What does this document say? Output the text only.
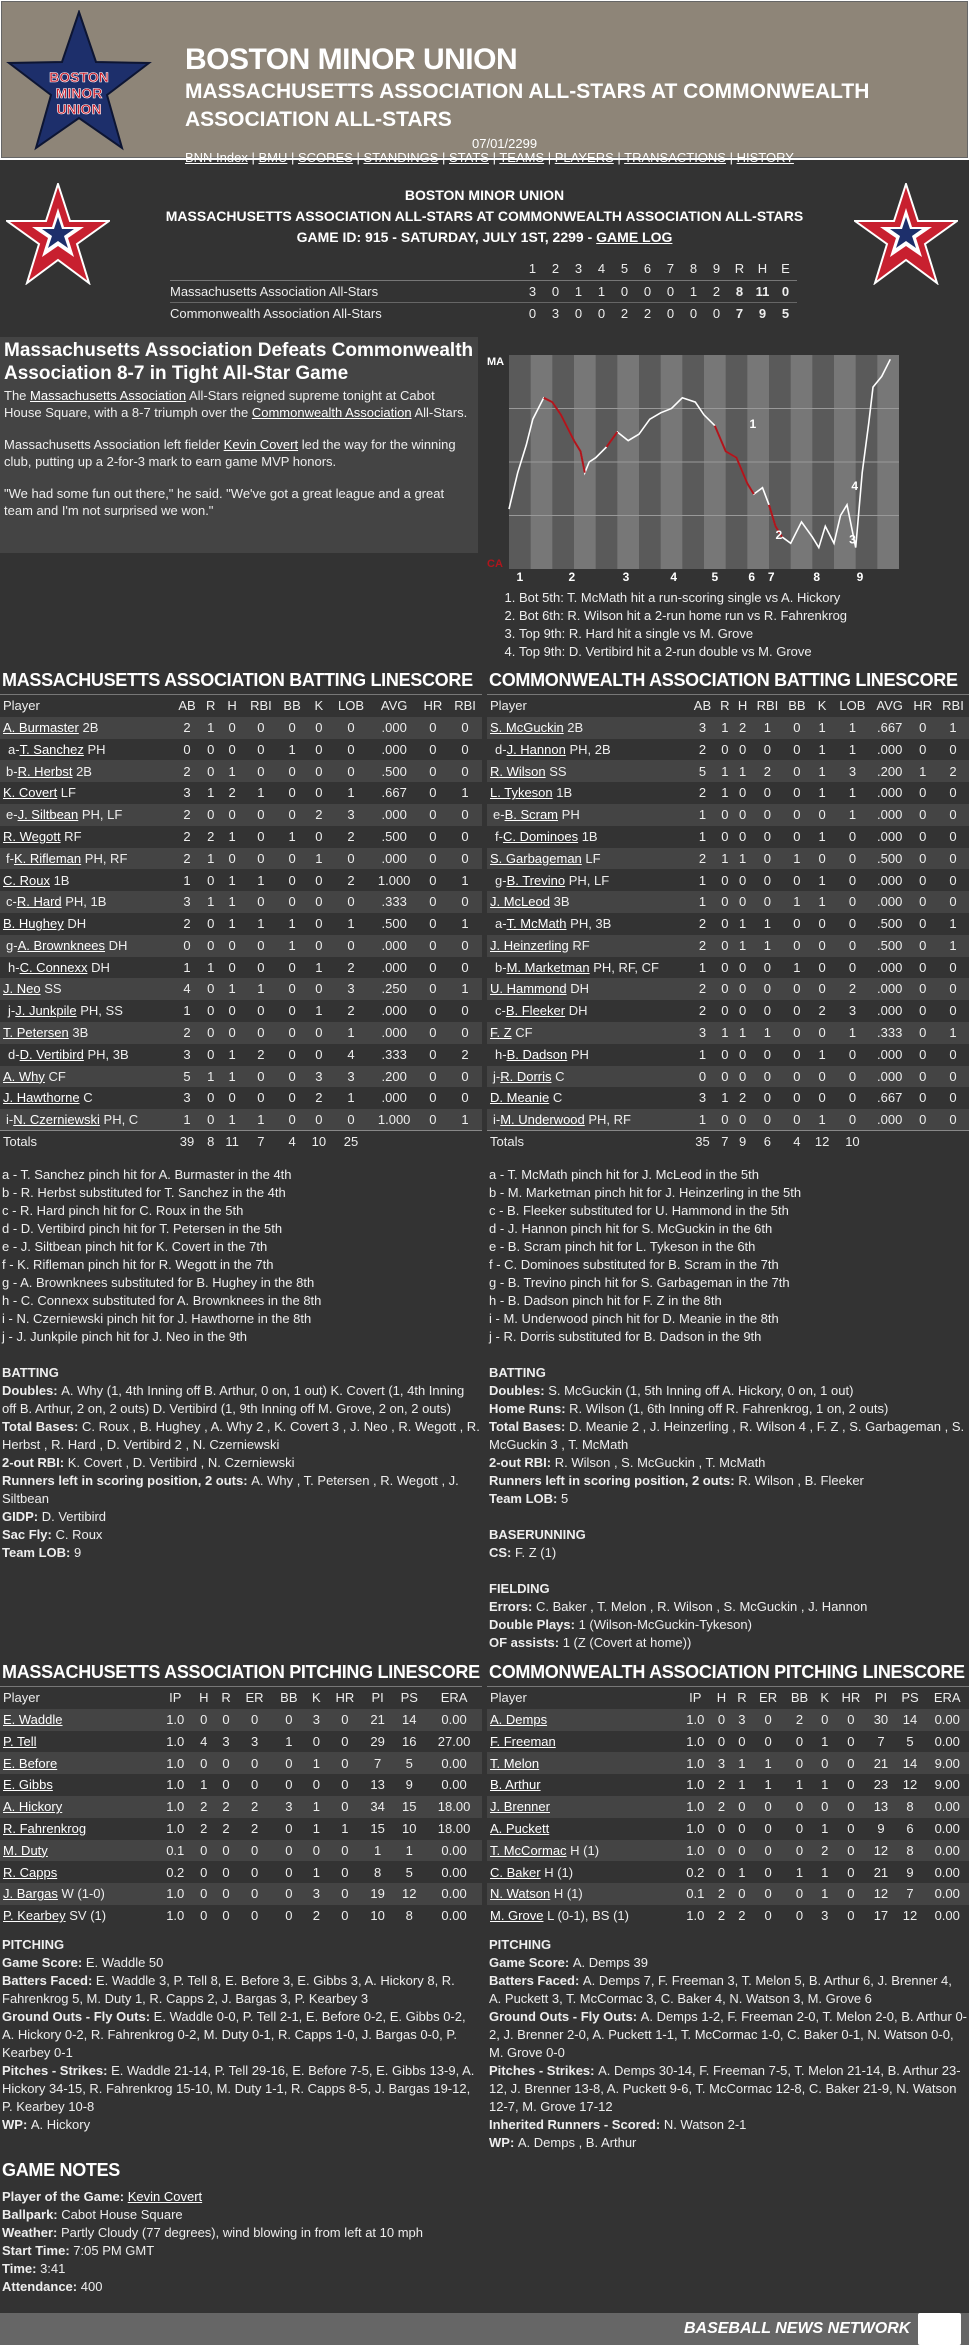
BOSTON
MINOR
UNION
BOSTON MINOR UNION
MASSACHUSETTS ASSOCIATION ALL-STARS AT COMMONWEALTH ASSOCIATION ALL-STARS
07/01/2299
BNN Index | BMU | SCORES | STANDINGS | STATS | TEAMS | PLAYERS | TRANSACTIONS | HISTORY
BOSTON MINOR UNION
MASSACHUSETTS ASSOCIATION ALL-STARS AT COMMONWEALTH ASSOCIATION ALL-STARS
GAME ID: 915 - SATURDAY, JULY 1ST, 2299 - GAME LOG
	1	2	3	4	5	6	7	8	9	R	H	E
Massachusetts Association All-Stars	3	0	1	1	0	0	0	1	2	8	11	0
Commonwealth Association All-Stars	0	3	0	0	2	2	0	0	0	7	9	5
Massachusetts Association Defeats Commonwealth Association 8-7 in Tight All-Star Game

The Massachusetts Association All-Stars reigned supreme tonight at Cabot House Square, with a 8-7 triumph over the Commonwealth Association All-Stars.

Massachusetts Association left fielder Kevin Covert led the way for the winning club, putting up a 2-for-3 mark to earn game MVP honors.

"We had some fun out there," he said. "We've got a great league and a great team and I'm not surprised we won."

MA
CA
1	2	3	4	5	6 7	8	9
1
2	3
4
1. Bot 5th: T. McMath hit a run-scoring single vs A. Hickory
2. Bot 6th: R. Wilson hit a 2-run home run vs R. Fahrenkrog
3. Top 9th: R. Hard hit a single vs M. Grove
4. Top 9th: D. Vertibird hit a 2-run double vs M. Grove
MASSACHUSETTS ASSOCIATION BATTING LINESCORE
Player	AB	R	H	RBI	BB	K	LOB	AVG	HR	RBI
A. Burmaster 2B	2	1	0	0	0	0	0	.000	0	0
a-T. Sanchez PH	0	0	0	0	1	0	0	.000	0	0
b-R. Herbst 2B	2	0	1	0	0	0	0	.500	0	0
K. Covert LF	3	1	2	1	0	0	1	.667	0	1
e-J. Siltbean PH, LF	2	0	0	0	0	2	3	.000	0	0
R. Wegott RF	2	2	1	0	1	0	2	.500	0	0
f-K. Rifleman PH, RF	2	1	0	0	0	1	0	.000	0	0
C. Roux 1B	1	0	1	1	0	0	2	1.000	0	1
c-R. Hard PH, 1B	3	1	1	0	0	0	0	.333	0	0
B. Hughey DH	2	0	1	1	1	0	1	.500	0	1
g-A. Brownknees DH	0	0	0	0	1	0	0	.000	0	0
h-C. Connexx DH	1	1	0	0	0	1	2	.000	0	0
J. Neo SS	4	0	1	1	0	0	3	.250	0	1
j-J. Junkpile PH, SS	1	0	0	0	0	1	2	.000	0	0
T. Petersen 3B	2	0	0	0	0	0	1	.000	0	0
d-D. Vertibird PH, 3B	3	0	1	2	0	0	4	.333	0	2
A. Why CF	5	1	1	0	0	3	3	.200	0	0
J. Hawthorne C	3	0	0	0	0	2	1	.000	0	0
i-N. Czerniewski PH, C	1	0	1	1	0	0	0	1.000	0	1
Totals	39	8	11	7	4	10	25			
a - T. Sanchez pinch hit for A. Burmaster in the 4th
b - R. Herbst substituted for T. Sanchez in the 4th
c - R. Hard pinch hit for C. Roux in the 5th
d - D. Vertibird pinch hit for T. Petersen in the 5th
e - J. Siltbean pinch hit for K. Covert in the 7th
f - K. Rifleman pinch hit for R. Wegott in the 7th
g - A. Brownknees substituted for B. Hughey in the 8th
h - C. Connexx substituted for A. Brownknees in the 8th
i - N. Czerniewski pinch hit for J. Hawthorne in the 8th
j - J. Junkpile pinch hit for J. Neo in the 9th
BATTING
Doubles: A. Why (1, 4th Inning off B. Arthur, 0 on, 1 out) K. Covert (1, 4th Inning off B. Arthur, 2 on, 2 outs) D. Vertibird (1, 9th Inning off M. Grove, 2 on, 2 outs)
Total Bases: C. Roux , B. Hughey , A. Why 2 , K. Covert 3 , J. Neo , R. Wegott , R. Herbst , R. Hard , D. Vertibird 2 , N. Czerniewski
2-out RBI: K. Covert , D. Vertibird , N. Czerniewski
Runners left in scoring position, 2 outs: A. Why , T. Petersen , R. Wegott , J. Siltbean
GIDP: D. Vertibird
Sac Fly: C. Roux
Team LOB: 9
COMMONWEALTH ASSOCIATION BATTING LINESCORE
Player	AB	R	H	RBI	BB	K	LOB	AVG	HR	RBI
S. McGuckin 2B	3	1	2	1	0	1	1	.667	0	1
d-J. Hannon PH, 2B	2	0	0	0	0	1	1	.000	0	0
R. Wilson SS	5	1	1	2	0	1	3	.200	1	2
L. Tykeson 1B	2	1	0	0	0	1	1	.000	0	0
e-B. Scram PH	1	0	0	0	0	0	1	.000	0	0
f-C. Dominoes 1B	1	0	0	0	0	1	0	.000	0	0
S. Garbageman LF	2	1	1	0	1	0	0	.500	0	0
g-B. Trevino PH, LF	1	0	0	0	0	1	0	.000	0	0
J. McLeod 3B	1	0	0	0	1	1	0	.000	0	0
a-T. McMath PH, 3B	2	0	1	1	0	0	0	.500	0	1
J. Heinzerling RF	2	0	1	1	0	0	0	.500	0	1
b-M. Marketman PH, RF, CF	1	0	0	0	1	0	0	.000	0	0
U. Hammond DH	2	0	0	0	0	0	2	.000	0	0
c-B. Fleeker DH	2	0	0	0	0	2	3	.000	0	0
F. Z CF	3	1	1	1	0	0	1	.333	0	1
h-B. Dadson PH	1	0	0	0	0	1	0	.000	0	0
j-R. Dorris C	0	0	0	0	0	0	0	.000	0	0
D. Meanie C	3	1	2	0	0	0	0	.667	0	0
i-M. Underwood PH, RF	1	0	0	0	0	1	0	.000	0	0
Totals	35	7	9	6	4	12	10			
a - T. McMath pinch hit for J. McLeod in the 5th
b - M. Marketman pinch hit for J. Heinzerling in the 5th
c - B. Fleeker substituted for U. Hammond in the 5th
d - J. Hannon pinch hit for S. McGuckin in the 6th
e - B. Scram pinch hit for L. Tykeson in the 6th
f - C. Dominoes substituted for B. Scram in the 7th
g - B. Trevino pinch hit for S. Garbageman in the 7th
h - B. Dadson pinch hit for F. Z in the 8th
i - M. Underwood pinch hit for D. Meanie in the 8th
j - R. Dorris substituted for B. Dadson in the 9th
BATTING
Doubles: S. McGuckin (1, 5th Inning off A. Hickory, 0 on, 1 out)
Home Runs: R. Wilson (1, 6th Inning off R. Fahrenkrog, 1 on, 2 outs)
Total Bases: D. Meanie 2 , J. Heinzerling , R. Wilson 4 , F. Z , S. Garbageman , S. McGuckin 3 , T. McMath
2-out RBI: R. Wilson , S. McGuckin , T. McMath
Runners left in scoring position, 2 outs: R. Wilson , B. Fleeker
Team LOB: 5
BASERUNNING
CS: F. Z (1)
FIELDING
Errors: C. Baker , T. Melon , R. Wilson , S. McGuckin , J. Hannon
Double Plays: 1 (Wilson-McGuckin-Tykeson)
OF assists: 1 (Z (Covert at home))
MASSACHUSETTS ASSOCIATION PITCHING LINESCORE
Player	IP	H	R	ER	BB	K	HR	PI	PS	ERA
E. Waddle	1.0	0	0	0	0	3	0	21	14	0.00
P. Tell	1.0	4	3	3	1	0	0	29	16	27.00
E. Before	1.0	0	0	0	0	1	0	7	5	0.00
E. Gibbs	1.0	1	0	0	0	0	0	13	9	0.00
A. Hickory	1.0	2	2	2	3	1	0	34	15	18.00
R. Fahrenkrog	1.0	2	2	2	0	1	1	15	10	18.00
M. Duty	0.1	0	0	0	0	0	0	1	1	0.00
R. Capps	0.2	0	0	0	0	1	0	8	5	0.00
J. Bargas W (1-0)	1.0	0	0	0	0	3	0	19	12	0.00
P. Kearbey SV (1)	1.0	0	0	0	0	2	0	10	8	0.00
PITCHING
Game Score: E. Waddle 50
Batters Faced: E. Waddle 3, P. Tell 8, E. Before 3, E. Gibbs 3, A. Hickory 8, R. Fahrenkrog 5, M. Duty 1, R. Capps 2, J. Bargas 3, P. Kearbey 3
Ground Outs - Fly Outs: E. Waddle 0-0, P. Tell 2-1, E. Before 0-2, E. Gibbs 0-2, A. Hickory 0-2, R. Fahrenkrog 0-2, M. Duty 0-1, R. Capps 1-0, J. Bargas 0-0, P. Kearbey 0-1
Pitches - Strikes: E. Waddle 21-14, P. Tell 29-16, E. Before 7-5, E. Gibbs 13-9, A. Hickory 34-15, R. Fahrenkrog 15-10, M. Duty 1-1, R. Capps 8-5, J. Bargas 19-12, P. Kearbey 10-8
WP: A. Hickory
COMMONWEALTH ASSOCIATION PITCHING LINESCORE
Player	IP	H	R	ER	BB	K	HR	PI	PS	ERA
A. Demps	1.0	0	3	0	2	0	0	30	14	0.00
F. Freeman	1.0	0	0	0	0	1	0	7	5	0.00
T. Melon	1.0	3	1	1	0	0	0	21	14	9.00
B. Arthur	1.0	2	1	1	1	1	0	23	12	9.00
J. Brenner	1.0	2	0	0	0	0	0	13	8	0.00
A. Puckett	1.0	0	0	0	0	1	0	9	6	0.00
T. McCormac H (1)	1.0	0	0	0	0	2	0	12	8	0.00
C. Baker H (1)	0.2	0	1	0	1	1	0	21	9	0.00
N. Watson H (1)	0.1	2	0	0	0	1	0	12	7	0.00
M. Grove L (0-1), BS (1)	1.0	2	2	0	0	3	0	17	12	0.00
PITCHING
Game Score: A. Demps 39
Batters Faced: A. Demps 7, F. Freeman 3, T. Melon 5, B. Arthur 6, J. Brenner 4, A. Puckett 3, T. McCormac 3, C. Baker 4, N. Watson 3, M. Grove 6
Ground Outs - Fly Outs: A. Demps 1-2, F. Freeman 2-0, T. Melon 2-0, B. Arthur 0-2, J. Brenner 2-0, A. Puckett 1-1, T. McCormac 1-0, C. Baker 0-1, N. Watson 0-0, M. Grove 0-0
Pitches - Strikes: A. Demps 30-14, F. Freeman 7-5, T. Melon 21-14, B. Arthur 23-12, J. Brenner 13-8, A. Puckett 9-6, T. McCormac 12-8, C. Baker 21-9, N. Watson 12-7, M. Grove 17-12
Inherited Runners - Scored: N. Watson 2-1
WP: A. Demps , B. Arthur
GAME NOTES
Player of the Game: Kevin Covert
Ballpark: Cabot House Square
Weather: Partly Cloudy (77 degrees), wind blowing in from left at 10 mph
Start Time: 7:05 PM GMT
Time: 3:41
Attendance: 400
BASEBALL NEWS NETWORK BNN
